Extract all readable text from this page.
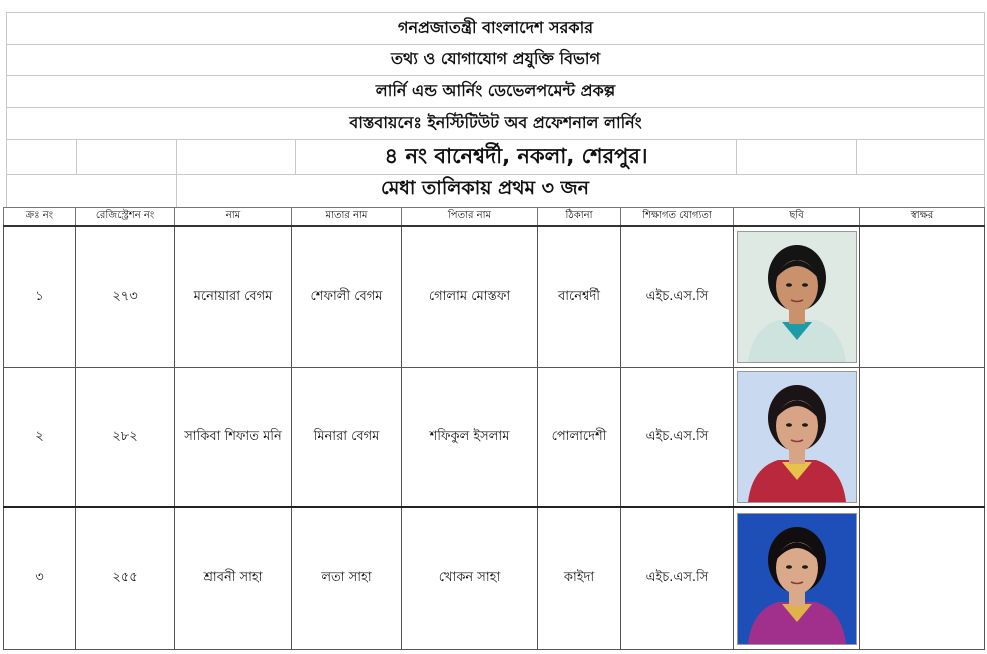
গনপ্রজাতন্ত্রী বাংলাদেশ সরকার
তথ্য ও যোগাযোগ প্রযুক্তি বিভাগ
লার্নি এন্ড আর্নিং ডেভেলপমেন্ট প্রকল্প
বাস্তবায়নেঃ ইনস্টিটিউট অব প্রফেশনাল লার্নিং
৪ নং বানেশ্বর্দী, নকলা, শেরপুর।
মেধা তালিকায় প্রথম ৩ জন
ক্রঃ নং	রেজিস্ট্রেশন নং	নাম	মাতার নাম	পিতার নাম	ঠিকানা	শিক্ষাগত যোগ্যতা	ছবি	স্বাক্ষর
১	২৭৩	মনোয়ারা বেগম	শেফালী বেগম	গোলাম মোস্তফা	বানেশ্বর্দী	এইচ.এস.সি	

২	২৮২	সাকিবা শিফাত মনি	মিনারা বেগম	শফিকুল ইসলাম	পোলাদেশী	এইচ.এস.সি	

৩	২৫৫	শ্রাবনী সাহা	লতা সাহা	খোকন সাহা	কাইদা	এইচ.এস.সি	
